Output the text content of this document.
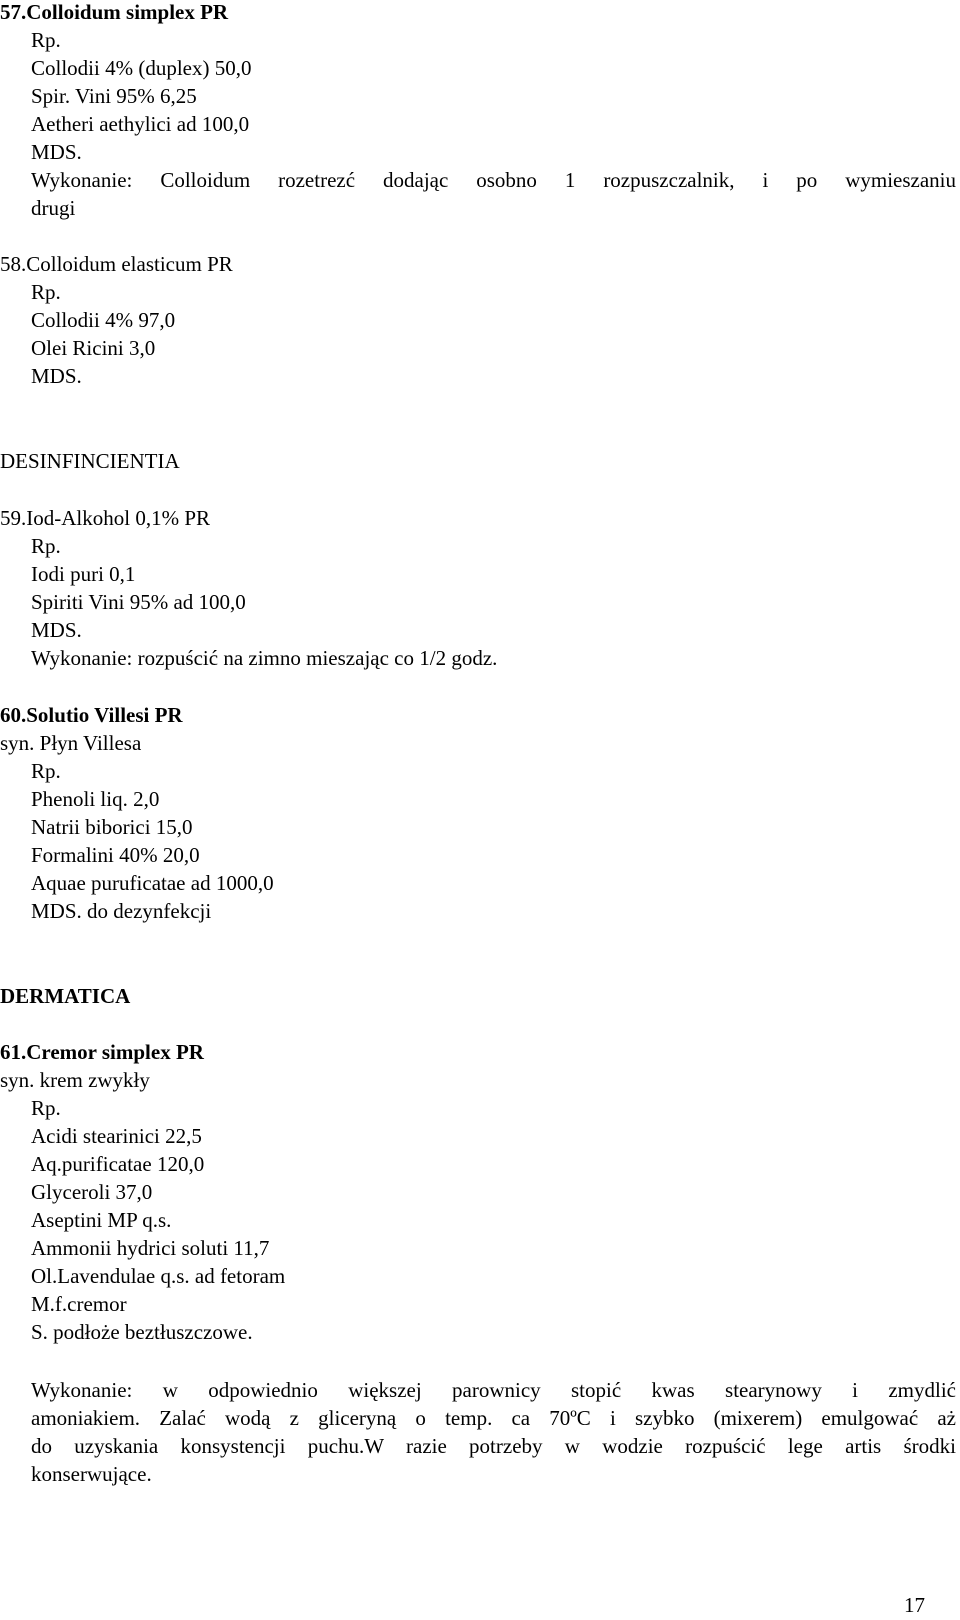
57.Colloidum simplex PR
Rp.
Collodii 4% (duplex) 50,0
Spir. Vini 95% 6,25
Aetheri aethylici ad 100,0
MDS.
Wykonanie: Colloidum rozetrezć dodając osobno 1 rozpuszczalnik, i po wymieszaniu
drugi
58.Colloidum elasticum PR
Rp.
Collodii 4% 97,0
Olei Ricini 3,0
MDS.
DESINFINCIENTIA
59.Iod-Alkohol 0,1% PR
Rp.
Iodi puri 0,1
Spiriti Vini 95% ad 100,0
MDS.
Wykonanie: rozpuścić na zimno mieszając co 1/2 godz.
60.Solutio Villesi PR
syn. Płyn Villesa
Rp.
Phenoli liq. 2,0
Natrii biborici 15,0
Formalini 40% 20,0
Aquae puruficatae ad 1000,0
MDS. do dezynfekcji
DERMATICA
61.Cremor simplex PR
syn. krem zwykły
Rp.
Acidi stearinici 22,5
Aq.purificatae 120,0
Glyceroli 37,0
Aseptini MP q.s.
Ammonii hydrici soluti 11,7
Ol.Lavendulae q.s. ad fetoram
M.f.cremor
S. podłoże beztłuszczowe.
Wykonanie: w odpowiednio większej parownicy stopić kwas stearynowy i zmydlić
amoniakiem. Zalać wodą z gliceryną o temp. ca 70ºC i szybko (mixerem) emulgować aż
do uzyskania konsystencji puchu.W razie potrzeby w wodzie rozpuścić lege artis środki
konserwujące.
17
